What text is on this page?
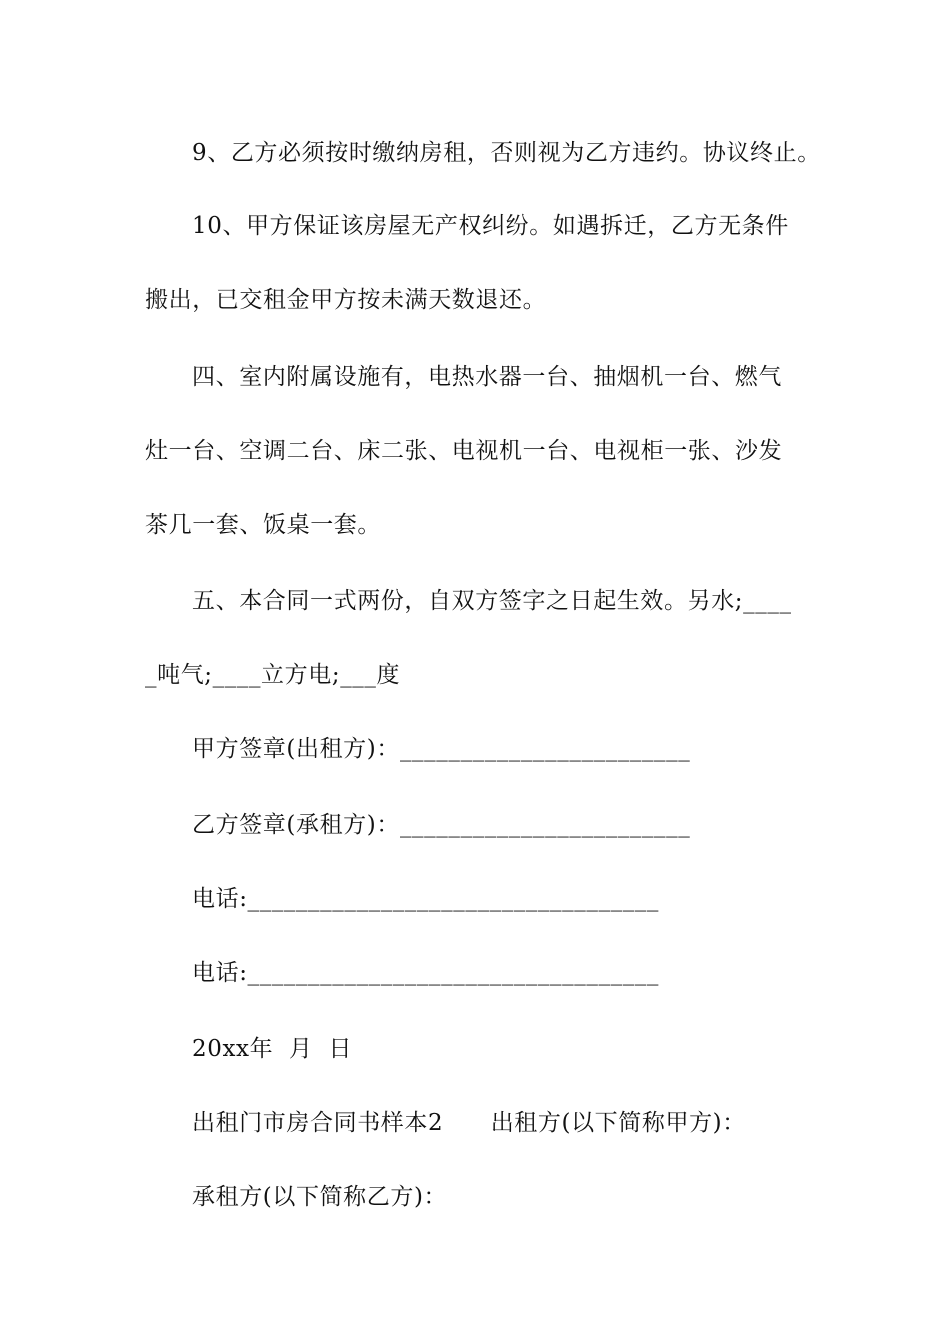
9、乙方必须按时缴纳房租，否则视为乙方违约。协议终止。
10、甲方保证该房屋无产权纠纷。如遇拆迁，乙方无条件
搬出，已交租金甲方按未满天数退还。
四、室内附属设施有，电热水器一台、抽烟机一台、燃气
灶一台、空调二台、床二张、电视机一台、电视柜一张、沙发
茶几一套、饭桌一套。
五、本合同一式两份，自双方签字之日起生效。另水;____
_吨气;____立方电;___度
甲方签章(出租方)：________________________
乙方签章(承租方)：________________________
电话:__________________________________
电话:__________________________________
20xx年  月  日
出租门市房合同书样本2      出租方(以下简称甲方)：
承租方(以下简称乙方)：
